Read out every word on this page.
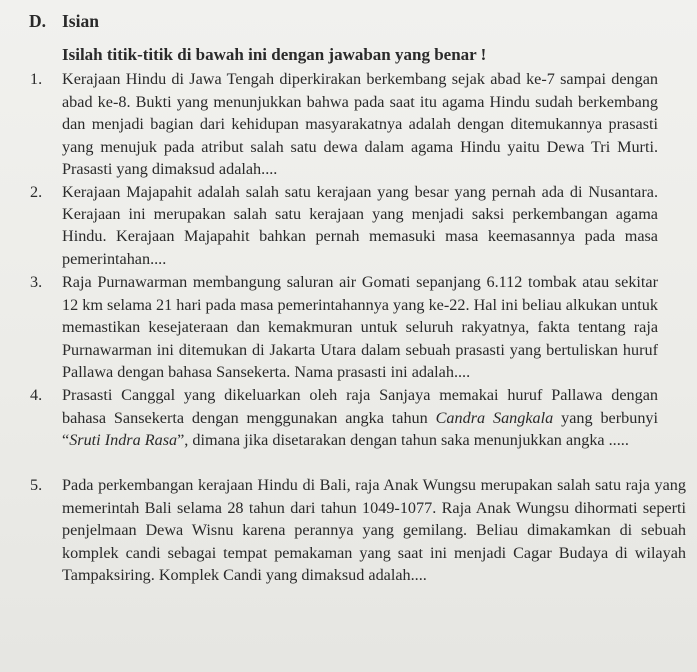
D. Isian
Isilah titik-titik di bawah ini dengan jawaban yang benar !
1.	Kerajaan Hindu di Jawa Tengah diperkirakan berkembang sejak abad ke-7 sampai dengan abad ke-8. Bukti yang menunjukkan bahwa pada saat itu agama Hindu sudah berkembang dan menjadi bagian dari kehidupan masyarakatnya adalah dengan ditemukannya prasasti yang menujuk pada atribut salah satu dewa dalam agama Hindu yaitu Dewa Tri Murti. Prasasti yang dimaksud adalah....
2.	Kerajaan Majapahit adalah salah satu kerajaan yang besar yang pernah ada di Nusantara. Kerajaan ini merupakan salah satu kerajaan yang menjadi saksi perkembangan agama Hindu. Kerajaan Majapahit bahkan pernah memasuki masa keemasannya pada masa pemerintahan....
3.	Raja Purnawarman membangung saluran air Gomati sepanjang 6.112 tombak atau sekitar 12 km selama 21 hari pada masa pemerintahannya yang ke-22. Hal ini beliau alkukan untuk memastikan kesejateraan dan kemakmuran untuk seluruh rakyatnya, fakta tentang raja Purnawarman ini ditemukan di Jakarta Utara dalam sebuah prasasti yang bertuliskan huruf Pallawa dengan bahasa Sansekerta. Nama prasasti ini adalah....
4.	Prasasti Canggal yang dikeluarkan oleh raja Sanjaya memakai huruf Pallawa dengan bahasa Sansekerta dengan menggunakan angka tahun Candra Sangkala yang berbunyi “Sruti Indra Rasa”, dimana jika disetarakan dengan tahun saka menunjukkan angka .....
5.	Pada perkembangan kerajaan Hindu di Bali, raja Anak Wungsu merupakan salah satu raja yang memerintah Bali selama 28 tahun dari tahun 1049-1077. Raja Anak Wungsu dihormati seperti penjelmaan Dewa Wisnu karena perannya yang gemilang. Beliau dimakamkan di sebuah komplek candi sebagai tempat pemakaman yang saat ini menjadi Cagar Budaya di wilayah Tampaksiring. Komplek Candi yang dimaksud adalah....
